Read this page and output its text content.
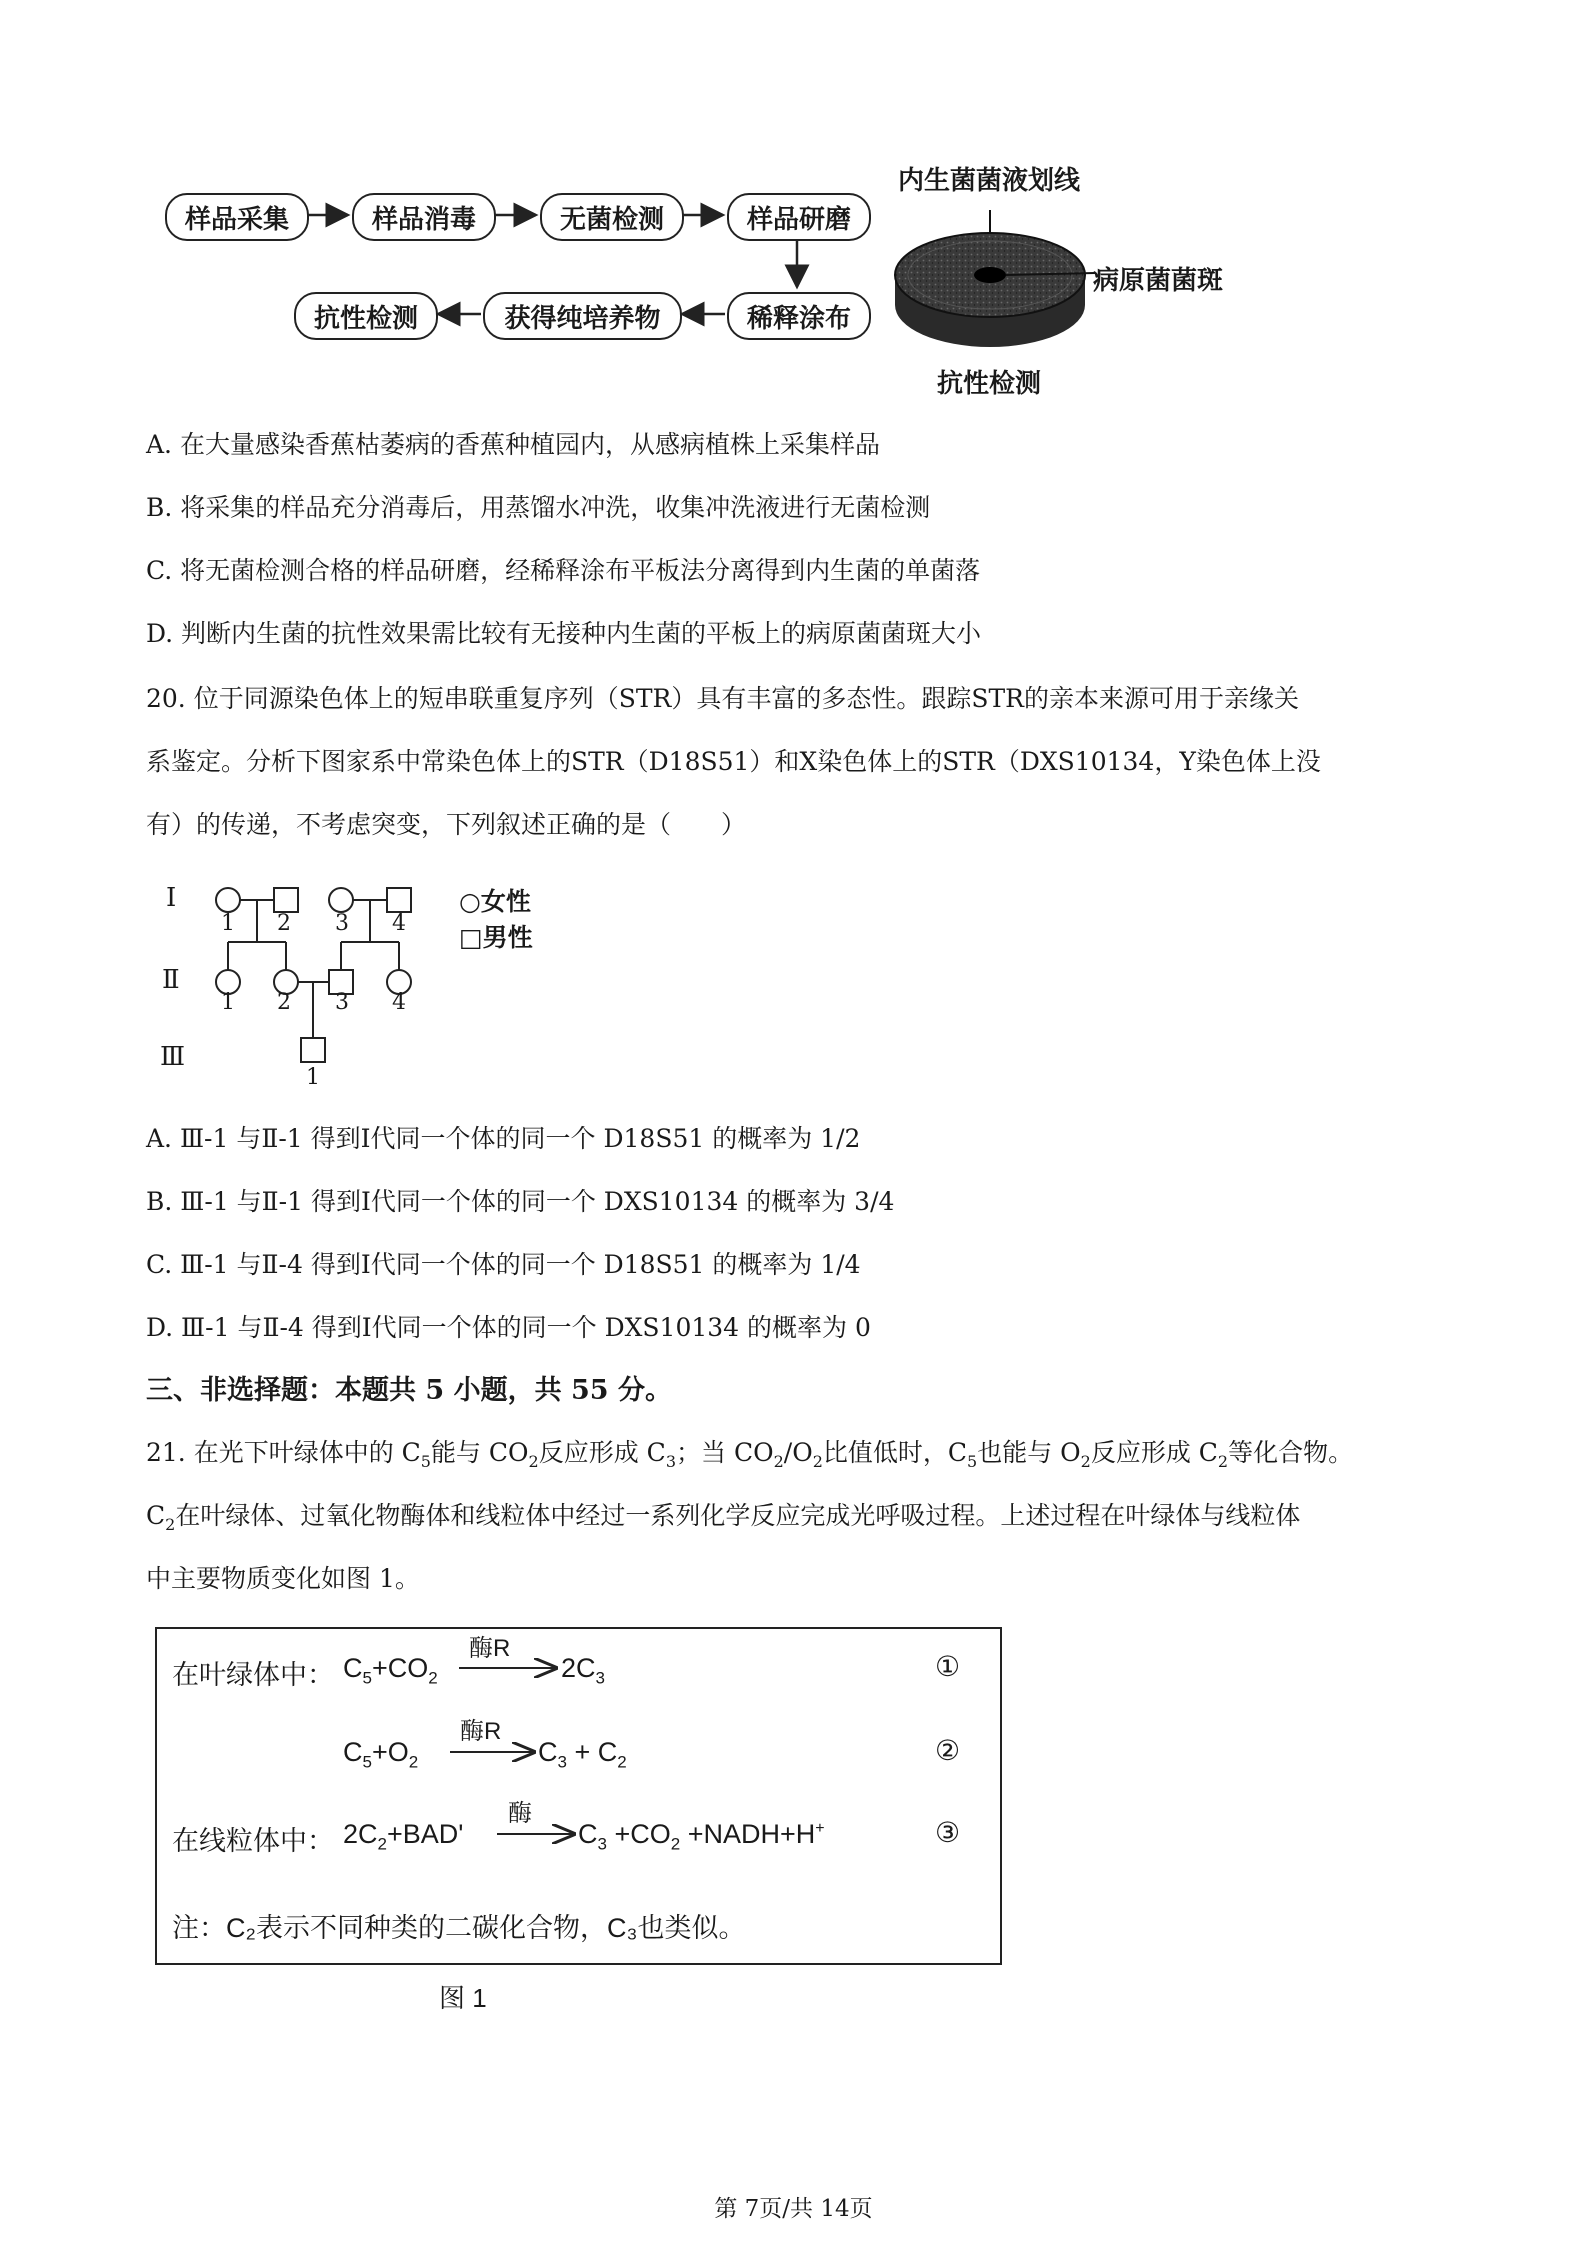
样品采集	样品消毒	无菌检测	样品研磨
稀释涂布
获得纯培养物
抗性检测
内生菌菌液划线
病原菌菌斑
抗性检测
A. 在大量感染香蕉枯萎病的香蕉种植园内，从感病植株上采集样品
B. 将采集的样品充分消毒后，用蒸馏水冲洗，收集冲洗液进行无菌检测
C. 将无菌检测合格的样品研磨，经稀释涂布平板法分离得到内生菌的单菌落
D. 判断内生菌的抗性效果需比较有无接种内生菌的平板上的病原菌菌斑大小
20. 位于同源染色体上的短串联重复序列（STR）具有丰富的多态性。跟踪STR的亲本来源可用于亲缘关
系鉴定。分析下图家系中常染色体上的STR（D18S51）和X染色体上的STR（DXS10134，Y染色体上没
有）的传递，不考虑突变，下列叙述正确的是（　　）
Ⅰ
Ⅱ
Ⅲ
1 2 3 4
1 2 3 4
1
○女性
□男性
A. Ⅲ-1 与Ⅱ-1 得到Ⅰ代同一个体的同一个 D18S51 的概率为 1/2
B. Ⅲ-1 与Ⅱ-1 得到Ⅰ代同一个体的同一个 DXS10134 的概率为 3/4
C. Ⅲ-1 与Ⅱ-4 得到Ⅰ代同一个体的同一个 D18S51 的概率为 1/4
D. Ⅲ-1 与Ⅱ-4 得到Ⅰ代同一个体的同一个 DXS10134 的概率为 0
三、非选择题：本题共 5 小题，共 55 分。
21. 在光下叶绿体中的 $C_5$能与 $CO_2$反应形成 $C_3$；当 $CO_2/O_2$比值低时，$C_5$也能与 $O_2$反应形成 $C_2$等化合物。
$C_2$在叶绿体、过氧化物酶体和线粒体中经过一系列化学反应完成光呼吸过程。上述过程在叶绿体与线粒体
中主要物质变化如图 1。
在叶绿体中： $C_5+CO_2$
酶R
$2C_3$	①
$C_5+O_2$
酶R
$C_3 + C_2$	②
在线粒体中： $2C_2+BAD'$
酶
$C_3 +CO_2$ +NADH+H+	③
注：C₂表示不同种类的二碳化合物，C₃也类似。
图 1
第 7页/共 14页
